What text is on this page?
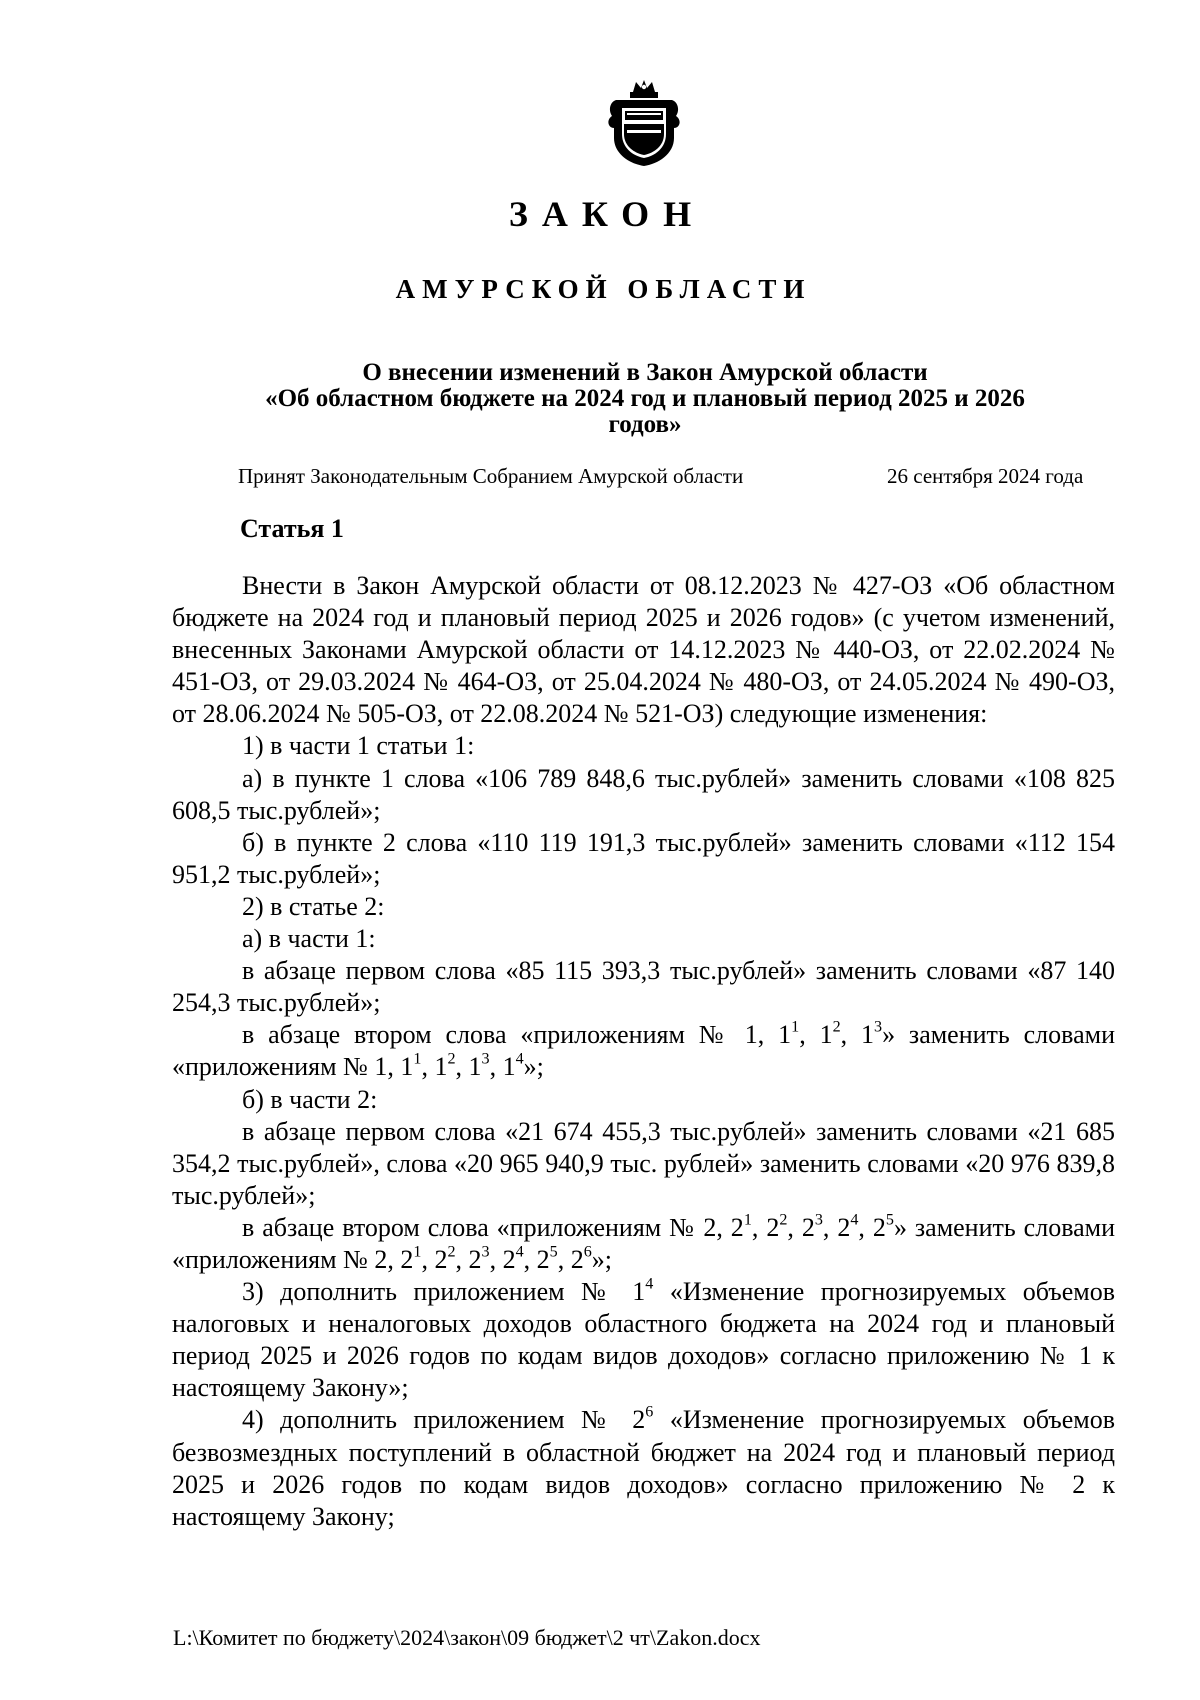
ЗАКОН
АМУРСКОЙ ОБЛАСТИ
О внесении изменений в Закон Амурской области
«Об областном бюджете на 2024 год и плановый период 2025 и 2026
годов»
Принят Законодательным Собранием Амурской области	26 сентября 2024 года
Статья 1

Внести в Закон Амурской области от 08.12.2023 № 427-ОЗ «Об областном бюджете на 2024 год и плановый период 2025 и 2026 годов» (с учетом изменений, внесенных Законами Амурской области от 14.12.2023 № 440-ОЗ, от 22.02.2024 № 451-ОЗ, от 29.03.2024 № 464-ОЗ, от 25.04.2024 № 480-ОЗ, от 24.05.2024 № 490-ОЗ, от 28.06.2024 № 505-ОЗ, от 22.08.2024 № 521-ОЗ) следующие изменения:

1) в части 1 статьи 1:

а) в пункте 1 слова «106 789 848,6 тыс.рублей» заменить словами «108 825 608,5 тыс.рублей»;

б) в пункте 2 слова «110 119 191,3 тыс.рублей» заменить словами «112 154 951,2 тыс.рублей»;

2) в статье 2:

а) в части 1:

в абзаце первом слова «85 115 393,3 тыс.рублей» заменить словами «87 140 254,3 тыс.рублей»;

в абзаце втором слова «приложениям № 1, $1^1$, $1^2$, $1^3$» заменить словами «приложениям № 1, $1^1$, $1^2$, $1^3$, $1^4$»;

б) в части 2:

в абзаце первом слова «21 674 455,3 тыс.рублей» заменить словами «21 685 354,2 тыс.рублей», слова «20 965 940,9 тыс. рублей» заменить словами «20 976 839,8 тыс.рублей»;

в абзаце втором слова «приложениям № 2, $2^1$, $2^2$, $2^3$, $2^4$, $2^5$» заменить словами «приложениям № 2, $2^1$, $2^2$, $2^3$, $2^4$, $2^5$, $2^6$»;

3) дополнить приложением № $1^4$ «Изменение прогнозируемых объемов налоговых и неналоговых доходов областного бюджета на 2024 год и плановый период 2025 и 2026 годов по кодам видов доходов» согласно приложению № 1 к настоящему Закону»;

4) дополнить приложением № $2^6$ «Изменение прогнозируемых объемов безвозмездных поступлений в областной бюджет на 2024 год и плановый период 2025 и 2026 годов по кодам видов доходов» согласно приложению № 2 к настоящему Закону;

L:\Комитет по бюджету\2024\закон\09 бюджет\2 чт\Zakon.docx
